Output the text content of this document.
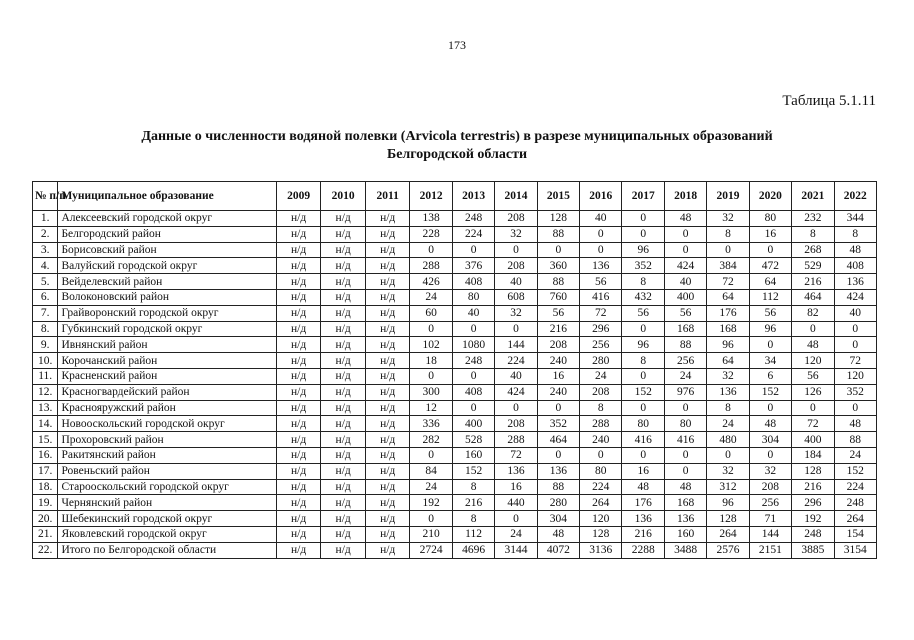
173
Таблица 5.1.11
Данные о численности водяной полевки (Arvicola terrestris) в разрезе муниципальных образований
Белгородской области
№ п/п	Муниципальное образование	2009	2010	2011	2012	2013	2014	2015	2016	2017	2018	2019	2020	2021	2022
1.	Алексеевский городской округ	н/д	н/д	н/д	138	248	208	128	40	0	48	32	80	232	344
2.	Белгородский район	н/д	н/д	н/д	228	224	32	88	0	0	0	8	16	8	8
3.	Борисовский район	н/д	н/д	н/д	0	0	0	0	0	96	0	0	0	268	48
4.	Валуйский городской округ	н/д	н/д	н/д	288	376	208	360	136	352	424	384	472	529	408
5.	Вейделевский район	н/д	н/д	н/д	426	408	40	88	56	8	40	72	64	216	136
6.	Волоконовский район	н/д	н/д	н/д	24	80	608	760	416	432	400	64	112	464	424
7.	Грайворонский городской округ	н/д	н/д	н/д	60	40	32	56	72	56	56	176	56	82	40
8.	Губкинский городской округ	н/д	н/д	н/д	0	0	0	216	296	0	168	168	96	0	0
9.	Ивнянский район	н/д	н/д	н/д	102	1080	144	208	256	96	88	96	0	48	0
10.	Корочанский район	н/д	н/д	н/д	18	248	224	240	280	8	256	64	34	120	72
11.	Красненский район	н/д	н/д	н/д	0	0	40	16	24	0	24	32	6	56	120
12.	Красногвардейский район	н/д	н/д	н/д	300	408	424	240	208	152	976	136	152	126	352
13.	Краснояружский район	н/д	н/д	н/д	12	0	0	0	8	0	0	8	0	0	0
14.	Новооскольский городской округ	н/д	н/д	н/д	336	400	208	352	288	80	80	24	48	72	48
15.	Прохоровский район	н/д	н/д	н/д	282	528	288	464	240	416	416	480	304	400	88
16.	Ракитянский район	н/д	н/д	н/д	0	160	72	0	0	0	0	0	0	184	24
17.	Ровеньский район	н/д	н/д	н/д	84	152	136	136	80	16	0	32	32	128	152
18.	Старооскольский городской округ	н/д	н/д	н/д	24	8	16	88	224	48	48	312	208	216	224
19.	Чернянский район	н/д	н/д	н/д	192	216	440	280	264	176	168	96	256	296	248
20.	Шебекинский городской округ	н/д	н/д	н/д	0	8	0	304	120	136	136	128	71	192	264
21.	Яковлевский городской округ	н/д	н/д	н/д	210	112	24	48	128	216	160	264	144	248	154
22.	Итого по Белгородской области	н/д	н/д	н/д	2724	4696	3144	4072	3136	2288	3488	2576	2151	3885	3154
